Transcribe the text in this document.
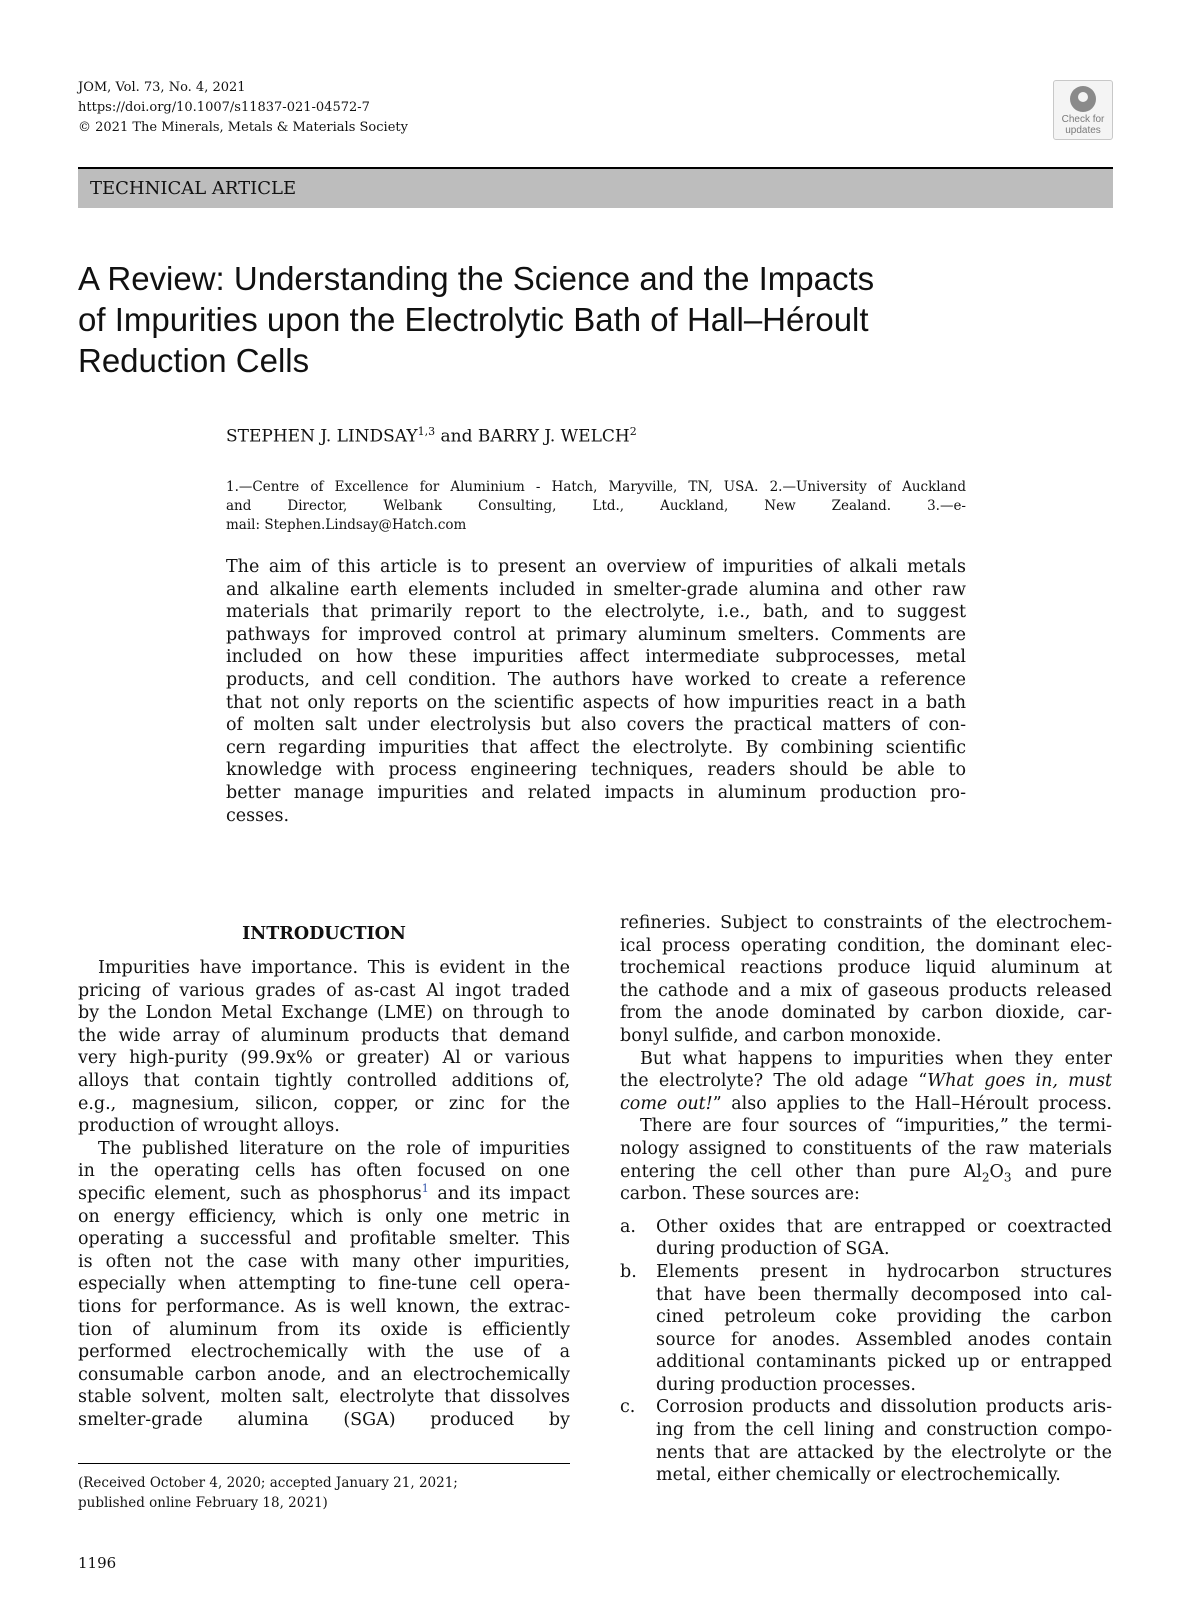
JOM, Vol. 73, No. 4, 2021
https://doi.org/10.1007/s11837-021-04572-7
© 2021 The Minerals, Metals & Materials Society
Check for
updates
TECHNICAL ARTICLE
A Review: Understanding the Science and the Impacts
of Impurities upon the Electrolytic Bath of Hall–Héroult
Reduction Cells
STEPHEN J. LINDSAY$^{1,3}$ and BARRY J. WELCH$^2$
1.—Centre of Excellence for Aluminium - Hatch, Maryville, TN, USA. 2.—University of Auckland
and Director, Welbank Consulting, Ltd., Auckland, New Zealand. 3.—e-
mail: Stephen.Lindsay@Hatch.com
The aim of this article is to present an overview of impurities of alkali metals
and alkaline earth elements included in smelter-grade alumina and other raw
materials that primarily report to the electrolyte, i.e., bath, and to suggest
pathways for improved control at primary aluminum smelters. Comments are
included on how these impurities affect intermediate subprocesses, metal
products, and cell condition. The authors have worked to create a reference
that not only reports on the scientific aspects of how impurities react in a bath
of molten salt under electrolysis but also covers the practical matters of con-
cern regarding impurities that affect the electrolyte. By combining scientific
knowledge with process engineering techniques, readers should be able to
better manage impurities and related impacts in aluminum production pro-
cesses.
INTRODUCTION
Impurities have importance. This is evident in the
pricing of various grades of as-cast Al ingot traded
by the London Metal Exchange (LME) on through to
the wide array of aluminum products that demand
very high-purity (99.9x% or greater) Al or various
alloys that contain tightly controlled additions of,
e.g., magnesium, silicon, copper, or zinc for the
production of wrought alloys.
The published literature on the role of impurities
in the operating cells has often focused on one
specific element, such as phosphorus$^1$ and its impact
on energy efficiency, which is only one metric in
operating a successful and profitable smelter. This
is often not the case with many other impurities,
especially when attempting to fine-tune cell opera-
tions for performance. As is well known, the extrac-
tion of aluminum from its oxide is efficiently
performed electrochemically with the use of a
consumable carbon anode, and an electrochemically
stable solvent, molten salt, electrolyte that dissolves
smelter-grade alumina (SGA) produced by
refineries. Subject to constraints of the electrochem-
ical process operating condition, the dominant elec-
trochemical reactions produce liquid aluminum at
the cathode and a mix of gaseous products released
from the anode dominated by carbon dioxide, car-
bonyl sulfide, and carbon monoxide.
But what happens to impurities when they enter
the electrolyte? The old adage “What goes in, must
come out!” also applies to the Hall–Héroult process.
There are four sources of “impurities,” the termi-
nology assigned to constituents of the raw materials
entering the cell other than pure $Al_2O_3$ and pure
carbon. These sources are:
a. Other oxides that are entrapped or coextracted
during production of SGA.
b. Elements present in hydrocarbon structures
that have been thermally decomposed into cal-
cined petroleum coke providing the carbon
source for anodes. Assembled anodes contain
additional contaminants picked up or entrapped
during production processes.
c. Corrosion products and dissolution products aris-
ing from the cell lining and construction compo-
nents that are attacked by the electrolyte or the
metal, either chemically or electrochemically.
(Received October 4, 2020; accepted January 21, 2021;
published online February 18, 2021)
1196
